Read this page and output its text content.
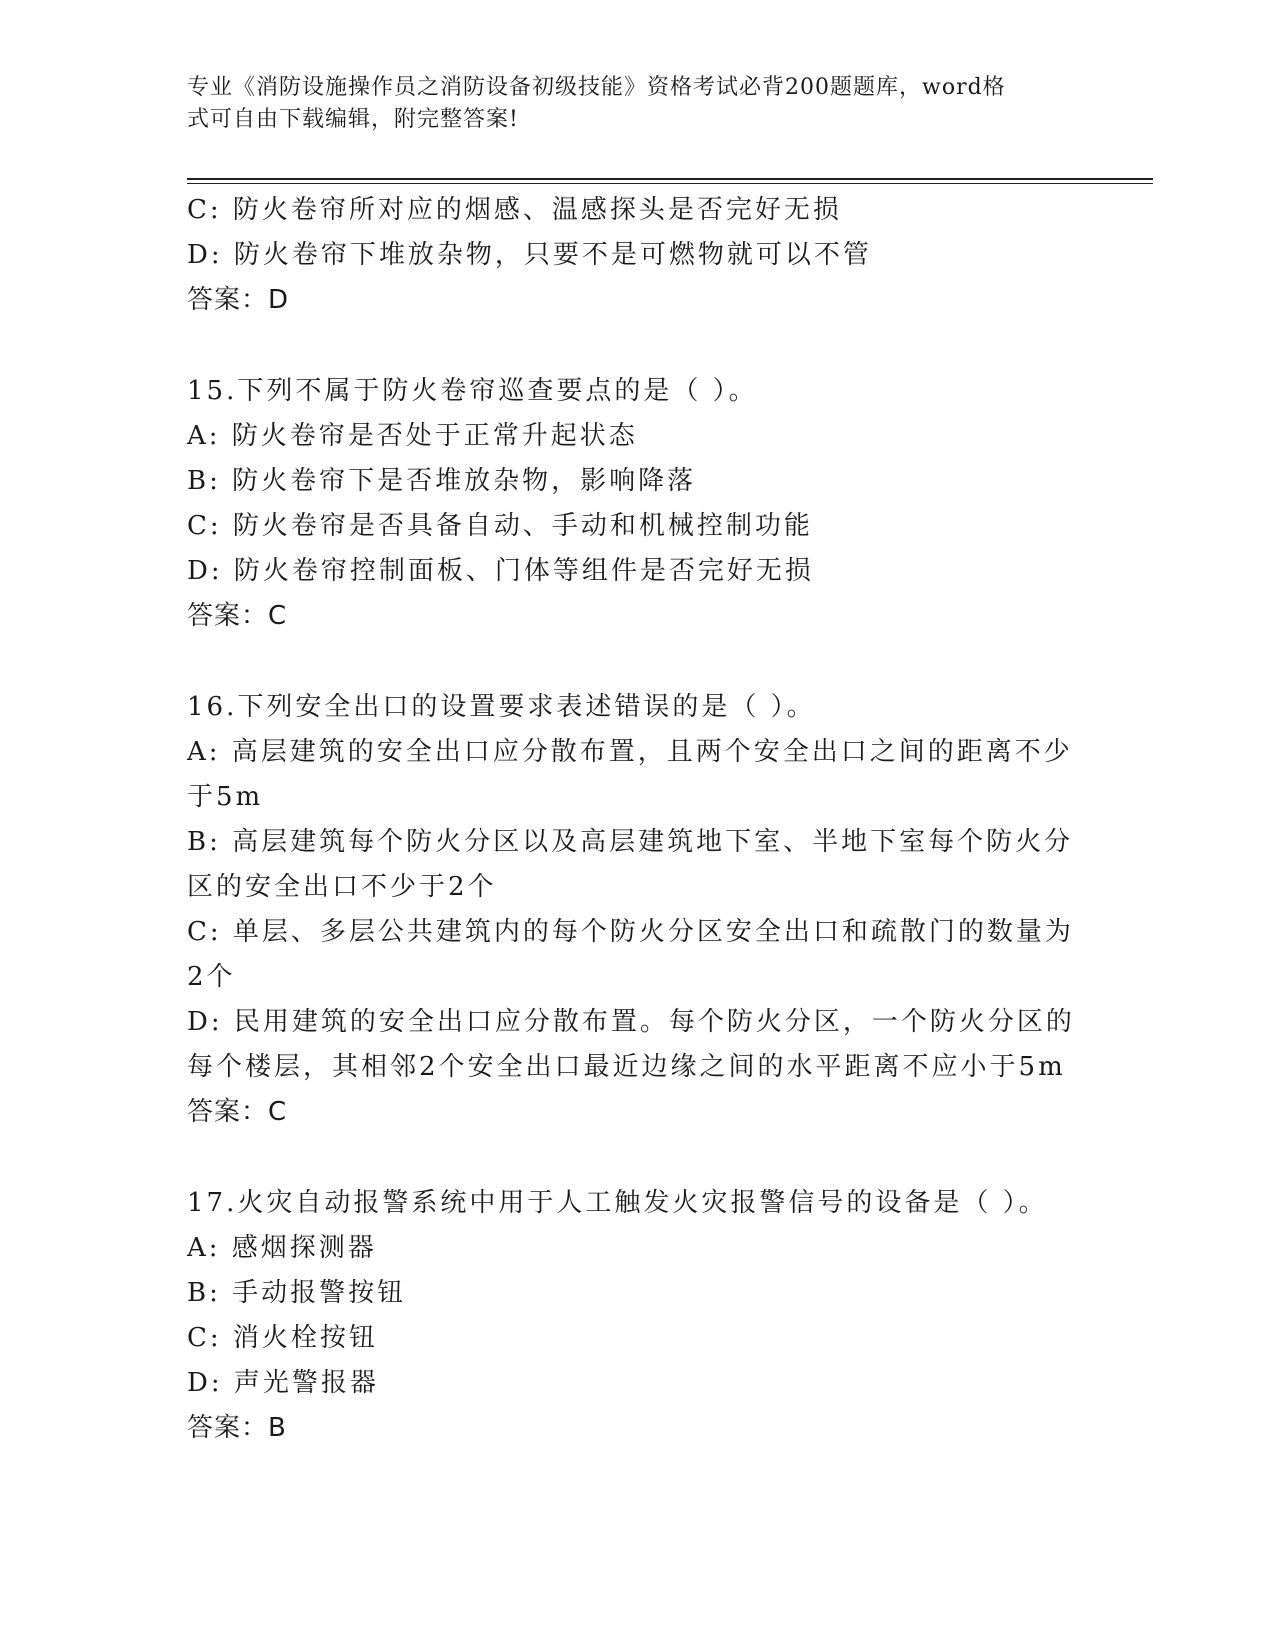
专业《消防设施操作员之消防设备初级技能》资格考试必背200题题库，word格
式可自由下载编辑，附完整答案!
C: 防火卷帘所对应的烟感、温感探头是否完好无损
D: 防火卷帘下堆放杂物，只要不是可燃物就可以不管
答案：D
15.下列不属于防火卷帘巡查要点的是（ ）。
A: 防火卷帘是否处于正常升起状态
B: 防火卷帘下是否堆放杂物，影响降落
C: 防火卷帘是否具备自动、手动和机械控制功能
D: 防火卷帘控制面板、门体等组件是否完好无损
答案：C
16.下列安全出口的设置要求表述错误的是（ ）。
A: 高层建筑的安全出口应分散布置，且两个安全出口之间的距离不少
于5m
B: 高层建筑每个防火分区以及高层建筑地下室、半地下室每个防火分
区的安全出口不少于2个
C: 单层、多层公共建筑内的每个防火分区安全出口和疏散门的数量为
2个
D: 民用建筑的安全出口应分散布置。每个防火分区，一个防火分区的
每个楼层，其相邻2个安全出口最近边缘之间的水平距离不应小于5m
答案：C
17.火灾自动报警系统中用于人工触发火灾报警信号的设备是（ ）。
A: 感烟探测器
B: 手动报警按钮
C: 消火栓按钮
D: 声光警报器
答案：B
